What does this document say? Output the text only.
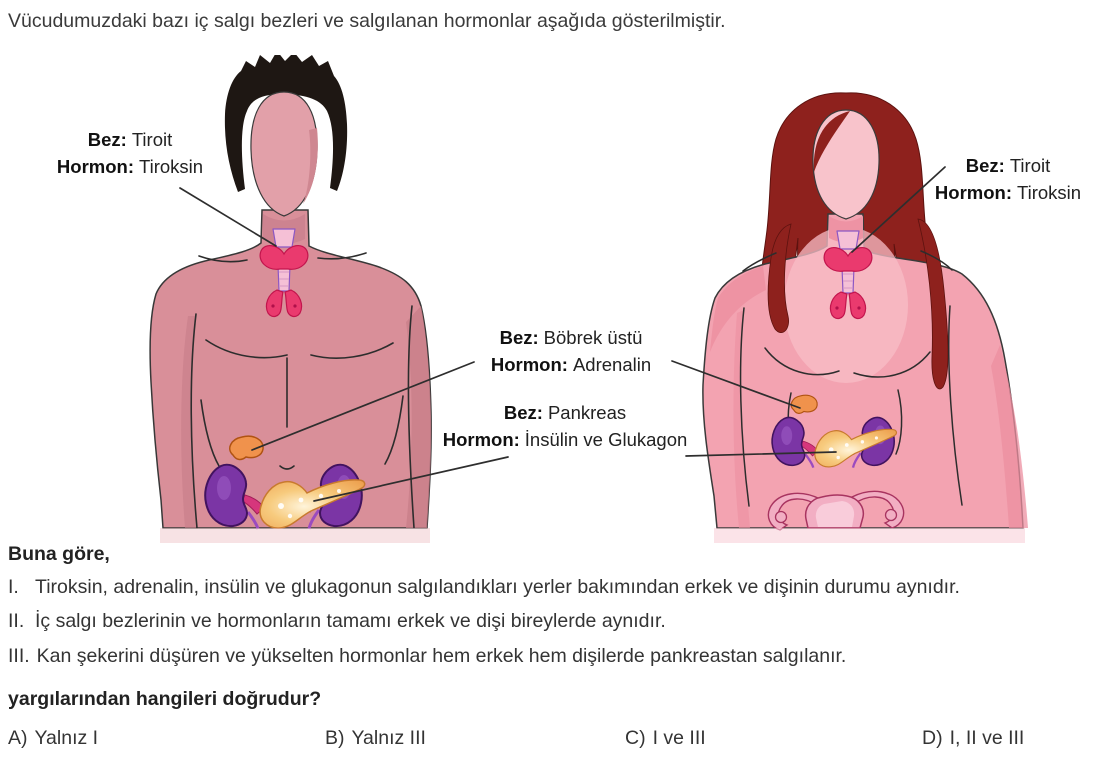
Vücudumuzdaki bazı iç salgı bezleri ve salgılanan hormonlar aşağıda gösterilmiştir.
Bez: Tiroit
Hormon: Tiroksin
Bez: Böbrek üstü
Hormon: Adrenalin
Bez: Pankreas
Hormon: İnsülin ve Glukagon
Bez: Tiroit
Hormon: Tiroksin
Buna göre,
I. Tiroksin, adrenalin, insülin ve glukagonun salgılandıkları yerler bakımından erkek ve dişinin durumu aynıdır.
II. İç salgı bezlerinin ve hormonların tamamı erkek ve dişi bireylerde aynıdır.
III. Kan şekerini düşüren ve yükselten hormonlar hem erkek hem dişilerde pankreastan salgılanır.
yargılarından hangileri doğrudur?
A) Yalnız I	B) Yalnız III	C) I ve III	D) I, II ve III
